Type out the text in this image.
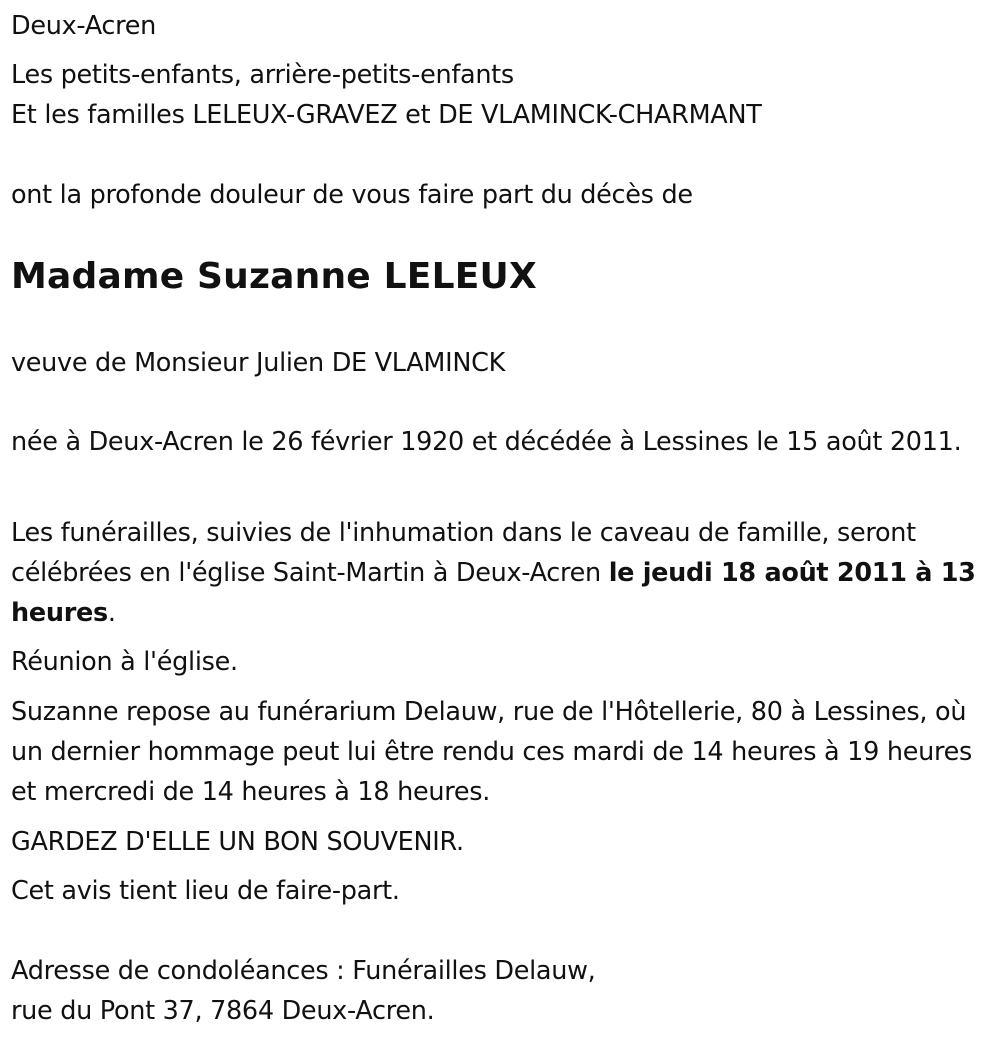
Deux-Acren
Les petits-enfants, arrière-petits-enfants
Et les familles LELEUX-GRAVEZ et DE VLAMINCK-CHARMANT
ont la profonde douleur de vous faire part du décès de
Madame Suzanne LELEUX
veuve de Monsieur Julien DE VLAMINCK
née à Deux-Acren le 26 février 1920 et décédée à Lessines le 15 août 2011.
Les funérailles, suivies de l'inhumation dans le caveau de famille, seront célébrées en l'église Saint-Martin à Deux-Acren le jeudi 18 août 2011 à 13 heures.
Réunion à l'église.
Suzanne repose au funérarium Delauw, rue de l'Hôtellerie, 80 à Lessines, où un dernier hommage peut lui être rendu ces mardi de 14 heures à 19 heures et mercredi de 14 heures à 18 heures.
GARDEZ D'ELLE UN BON SOUVENIR.
Cet avis tient lieu de faire-part.
Adresse de condoléances : Funérailles Delauw,
rue du Pont 37, 7864 Deux-Acren.
